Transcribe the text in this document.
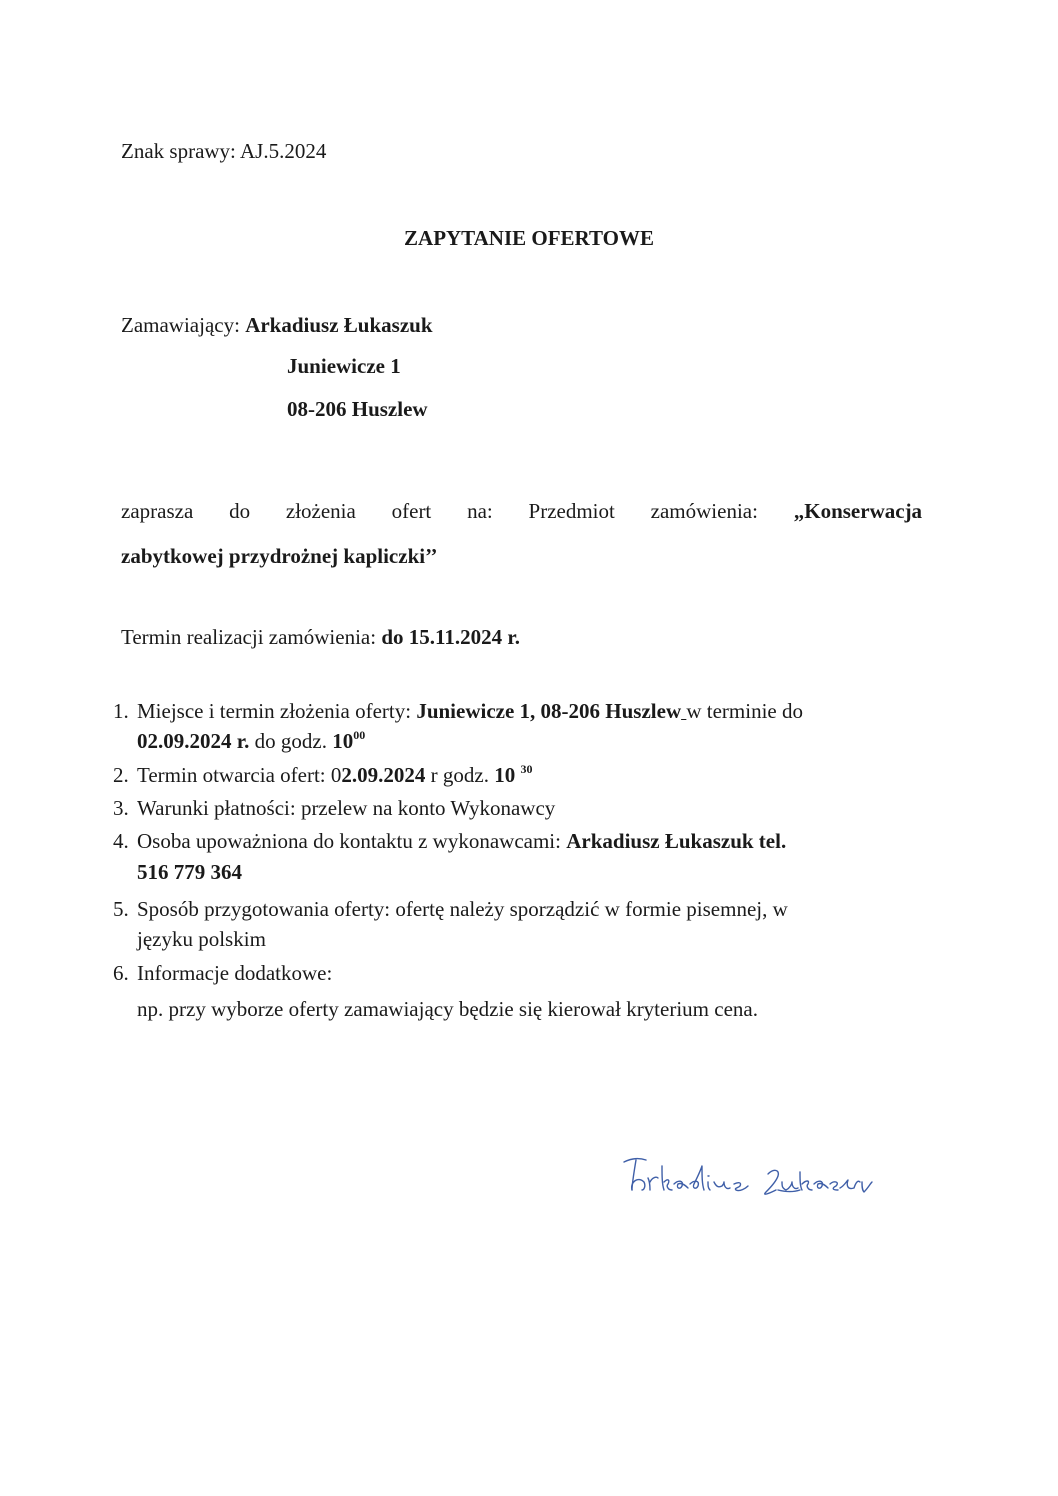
Znak sprawy: AJ.5.2024
ZAPYTANIE OFERTOWE
Zamawiający: Arkadiusz Łukaszuk
Juniewicze 1
08-206 Huszlew
zaprasza do złożenia ofert na: Przedmiot zamówienia: „Konserwacja
zabytkowej przydrożnej kapliczki’’
Termin realizacji zamówienia: do 15.11.2024 r.
1. Miejsce i termin złożenia oferty: Juniewicze 1, 08-206 Huszlew w terminie do
02.09.2024 r. do godz. $10^{00}$
2. Termin otwarcia ofert: 02.09.2024 r godz. 10 $^{30}$
3. Warunki płatności: przelew na konto Wykonawcy
4. Osoba upoważniona do kontaktu z wykonawcami: Arkadiusz Łukaszuk tel.
516 779 364
5. Sposób przygotowania oferty: ofertę należy sporządzić w formie pisemnej, w
języku polskim
6. Informacje dodatkowe:
np. przy wyborze oferty zamawiający będzie się kierował kryterium cena.
